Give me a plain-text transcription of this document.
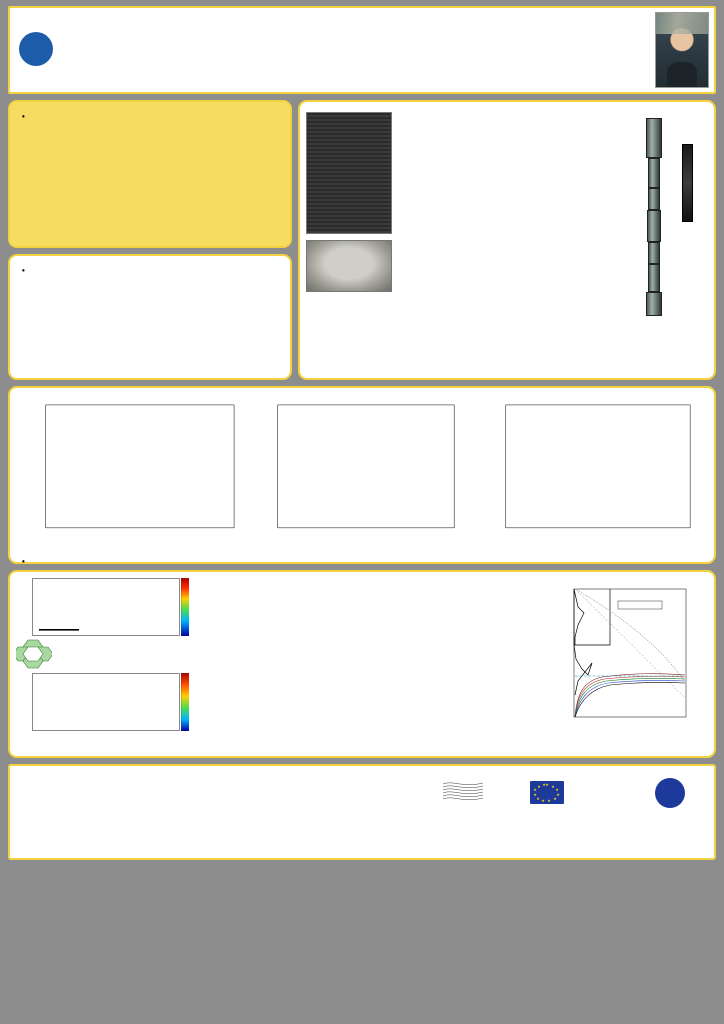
★ ★
★
★
★
★
★
★
★
★
★ ★
